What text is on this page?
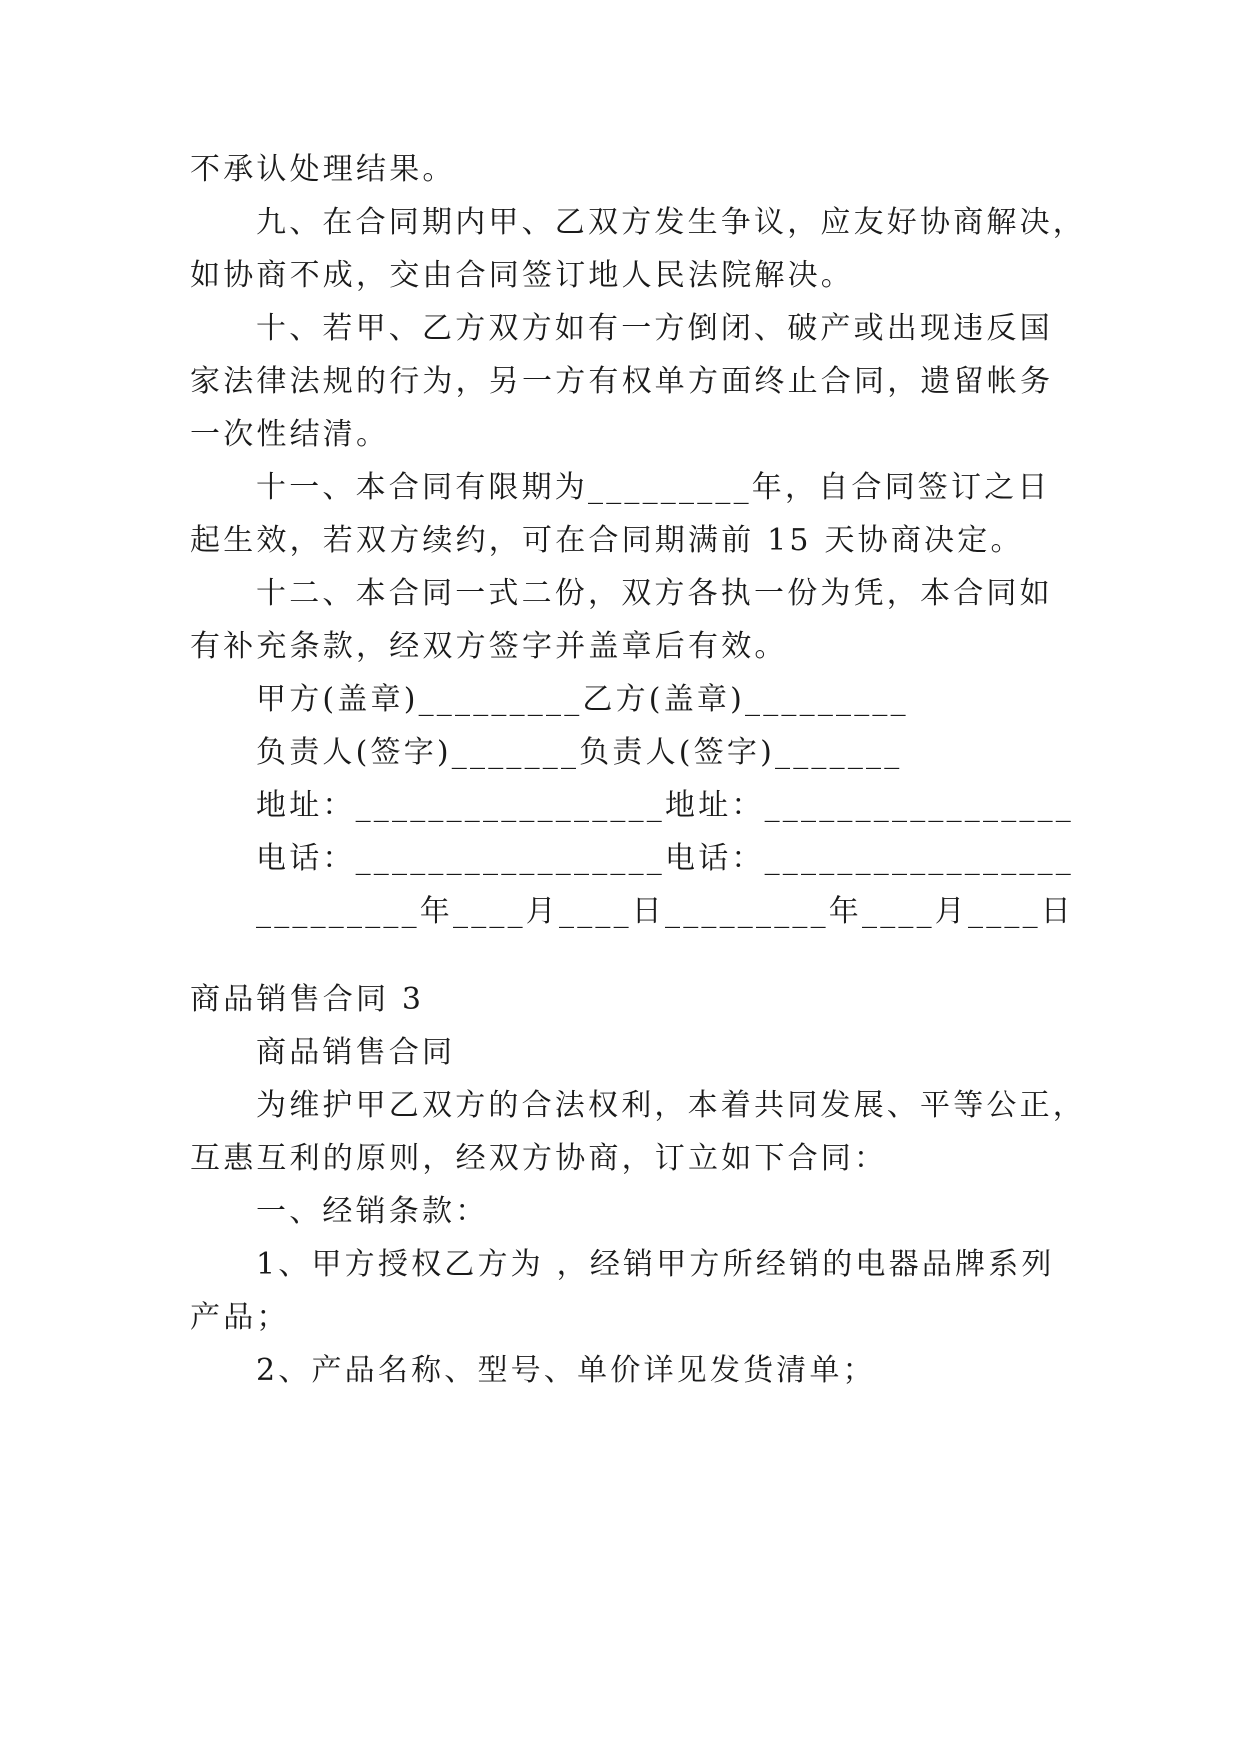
不承认处理结果。
九、在合同期内甲、乙双方发生争议，应友好协商解决，
如协商不成，交由合同签订地人民法院解决。
十、若甲、乙方双方如有一方倒闭、破产或出现违反国
家法律法规的行为，另一方有权单方面终止合同，遗留帐务
一次性结清。
十一、本合同有限期为_________年，自合同签订之日
起生效，若双方续约，可在合同期满前 15 天协商决定。
十二、本合同一式二份，双方各执一份为凭，本合同如
有补充条款，经双方签字并盖章后有效。
甲方(盖章)_________乙方(盖章)_________
负责人(签字)_______负责人(签字)_______
地址：_________________地址：_________________
电话：_________________电话：_________________
_________年____月____日_________年____月____日
商品销售合同 3
商品销售合同
为维护甲乙双方的合法权利，本着共同发展、平等公正，
互惠互利的原则，经双方协商，订立如下合同：
一、经销条款：
1、甲方授权乙方为 ，经销甲方所经销的电器品牌系列
产品；
2、产品名称、型号、单价详见发货清单；
